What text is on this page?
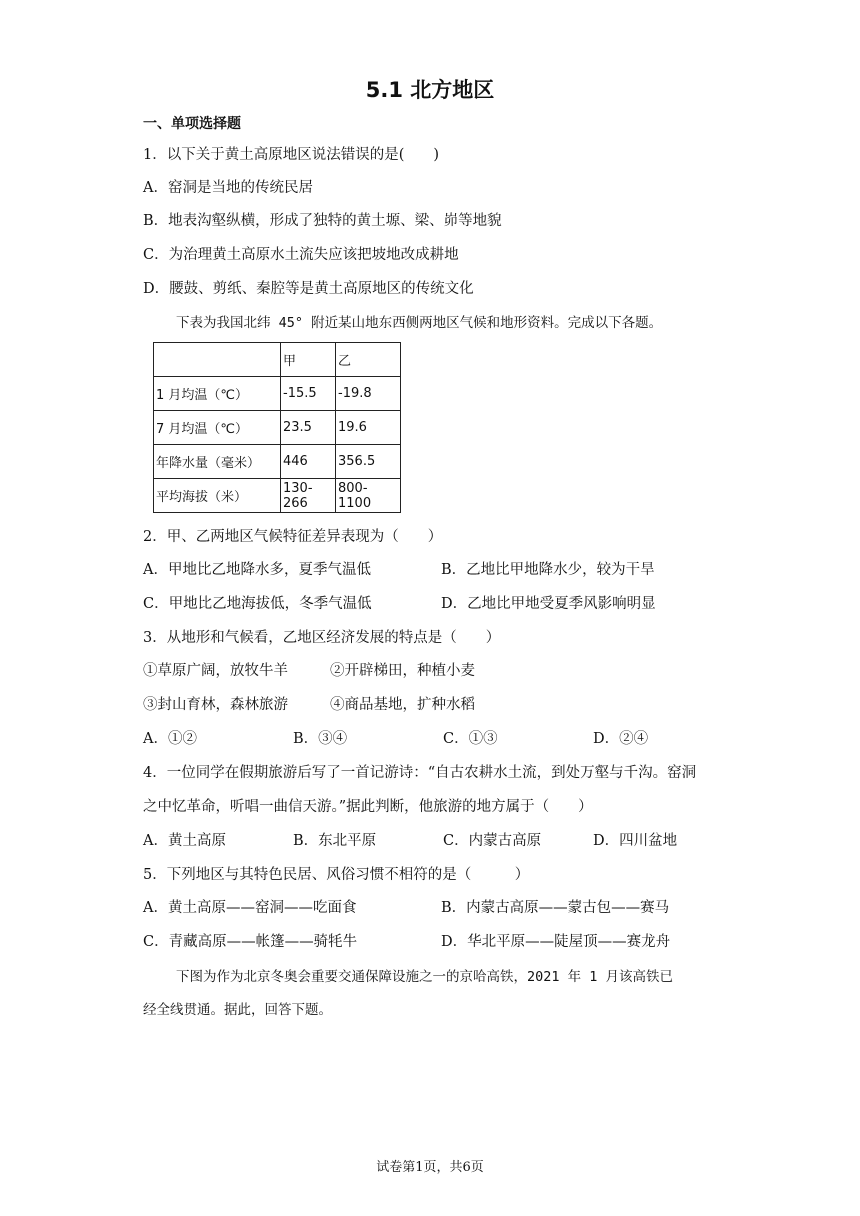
5.1 北方地区
一、单项选择题
1．以下关于黄土高原地区说法错误的是(　　)
A．窑洞是当地的传统民居
B．地表沟壑纵横，形成了独特的黄土塬、梁、峁等地貌
C．为治理黄土高原水土流失应该把坡地改成耕地
D．腰鼓、剪纸、秦腔等是黄土高原地区的传统文化
下表为我国北纬 45° 附近某山地东西侧两地区气候和地形资料。完成以下各题。
	甲	乙
1 月均温（℃）	-15.5	-19.8
7 月均温（℃）	23.5	19.6
年降水量（毫米）	446	356.5
平均海拔（米）	130-266	800-1100
2．甲、乙两地区气候特征差异表现为（　　）
A．甲地比乙地降水多，夏季气温低	B．乙地比甲地降水少，较为干旱
C．甲地比乙地海拔低，冬季气温低	D．乙地比甲地受夏季风影响明显
3．从地形和气候看，乙地区经济发展的特点是（　　）
①草原广阔，放牧牛羊	②开辟梯田，种植小麦
③封山育林，森林旅游	④商品基地，扩种水稻
A．①②	B．③④	C．①③	D．②④
4．一位同学在假期旅游后写了一首记游诗：“自古农耕水土流，到处万壑与千沟。窑洞
之中忆革命，听唱一曲信天游。”据此判断，他旅游的地方属于（　　）
A．黄土高原	B．东北平原	C．内蒙古高原	D．四川盆地
5．下列地区与其特色民居、风俗习惯不相符的是（　　　）
A．黄土高原——窑洞——吃面食	B．内蒙古高原——蒙古包——赛马
C．青藏高原——帐篷——骑牦牛	D．华北平原——陡屋顶——赛龙舟
下图为作为北京冬奥会重要交通保障设施之一的京哈高铁，2021 年 1 月该高铁已
经全线贯通。据此，回答下题。
试卷第1页，共6页
